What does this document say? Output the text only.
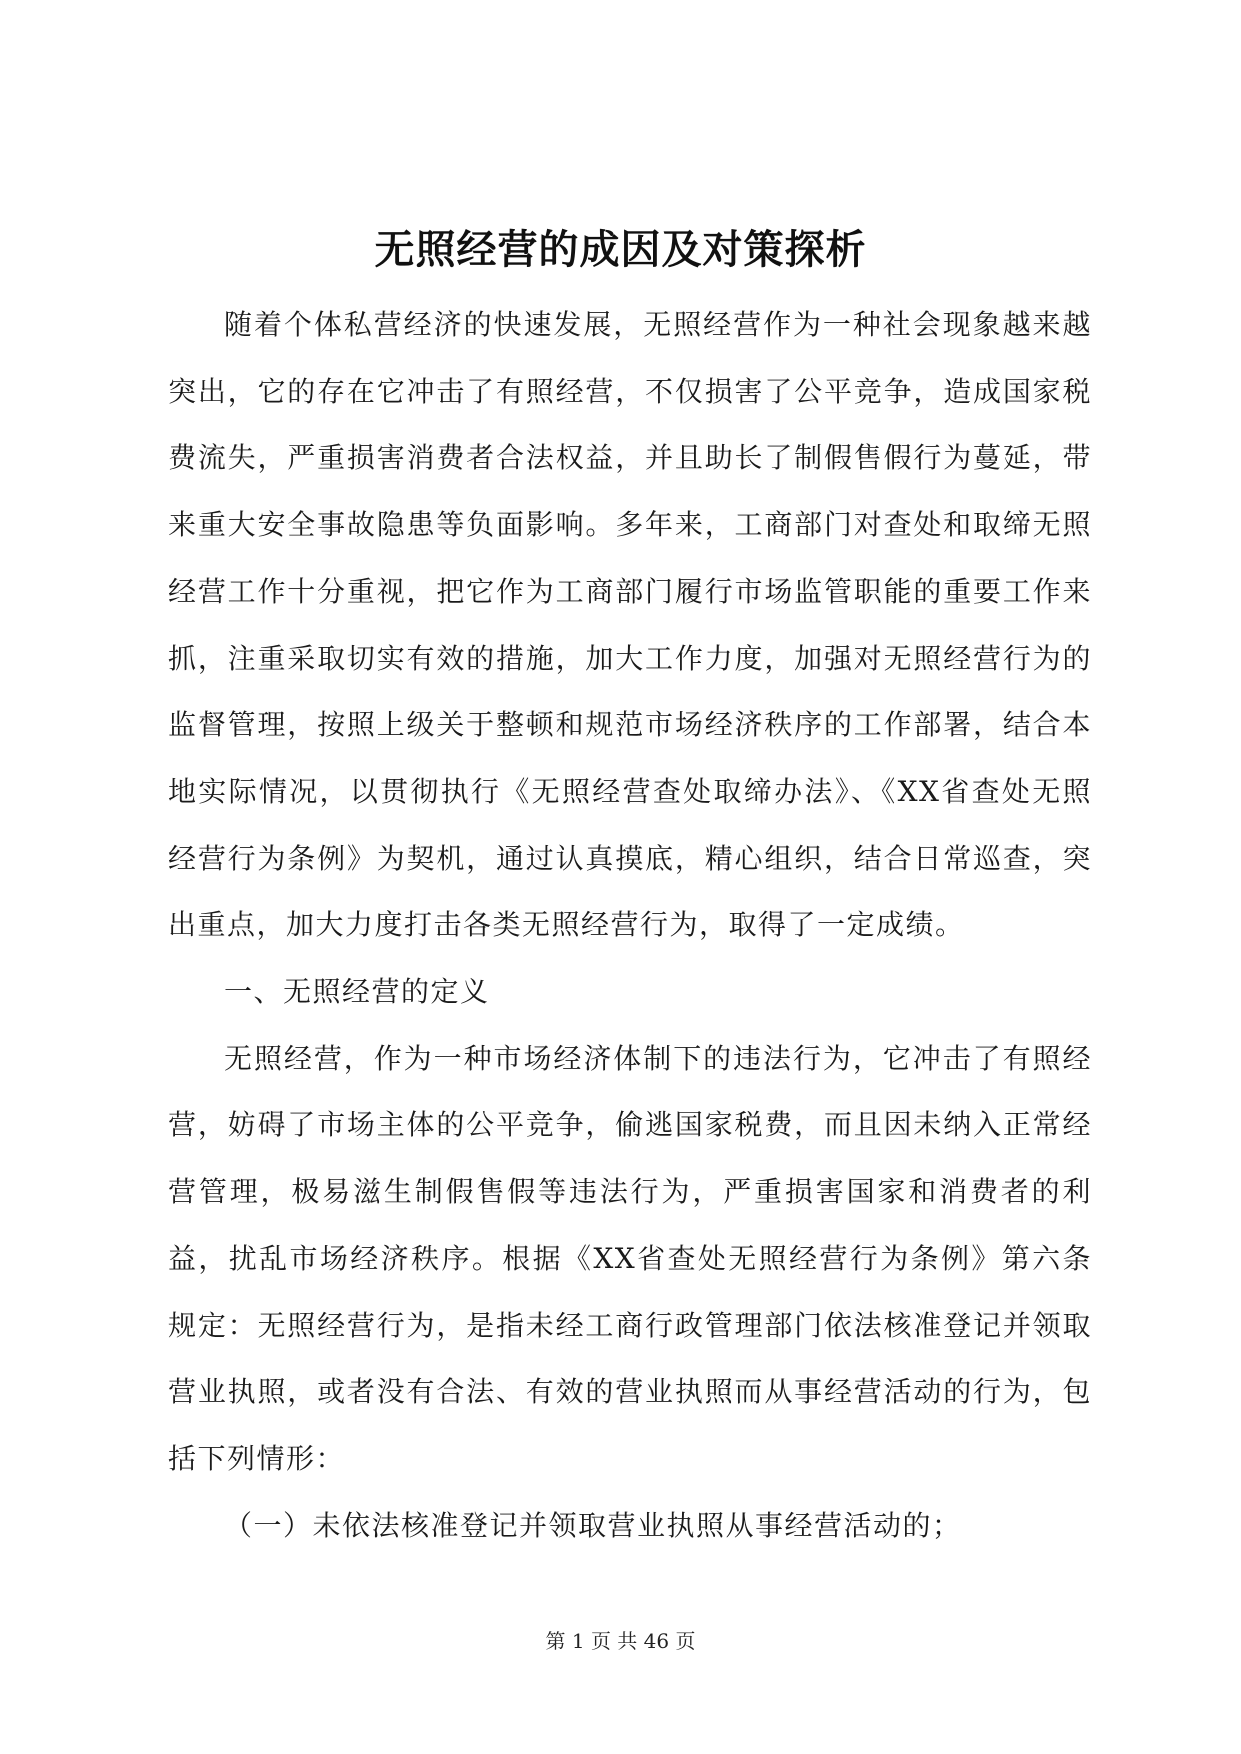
无照经营的成因及对策探析

随着个体私营经济的快速发展，无照经营作为一种社会现象越来越突出，它的存在它冲击了有照经营，不仅损害了公平竞争，造成国家税费流失，严重损害消费者合法权益，并且助长了制假售假行为蔓延，带来重大安全事故隐患等负面影响。多年来，工商部门对查处和取缔无照经营工作十分重视，把它作为工商部门履行市场监管职能的重要工作来抓，注重采取切实有效的措施，加大工作力度，加强对无照经营行为的监督管理，按照上级关于整顿和规范市场经济秩序的工作部署，结合本地实际情况，以贯彻执行《无照经营查处取缔办法》、《XX省查处无照经营行为条例》为契机，通过认真摸底，精心组织，结合日常巡查，突出重点，加大力度打击各类无照经营行为，取得了一定成绩。

一、无照经营的定义

无照经营，作为一种市场经济体制下的违法行为，它冲击了有照经营，妨碍了市场主体的公平竞争，偷逃国家税费，而且因未纳入正常经营管理，极易滋生制假售假等违法行为，严重损害国家和消费者的利益，扰乱市场经济秩序。根据《XX省查处无照经营行为条例》第六条规定：无照经营行为，是指未经工商行政管理部门依法核准登记并领取营业执照，或者没有合法、有效的营业执照而从事经营活动的行为，包括下列情形：

（一）未依法核准登记并领取营业执照从事经营活动的；

第 1 页 共 46 页
